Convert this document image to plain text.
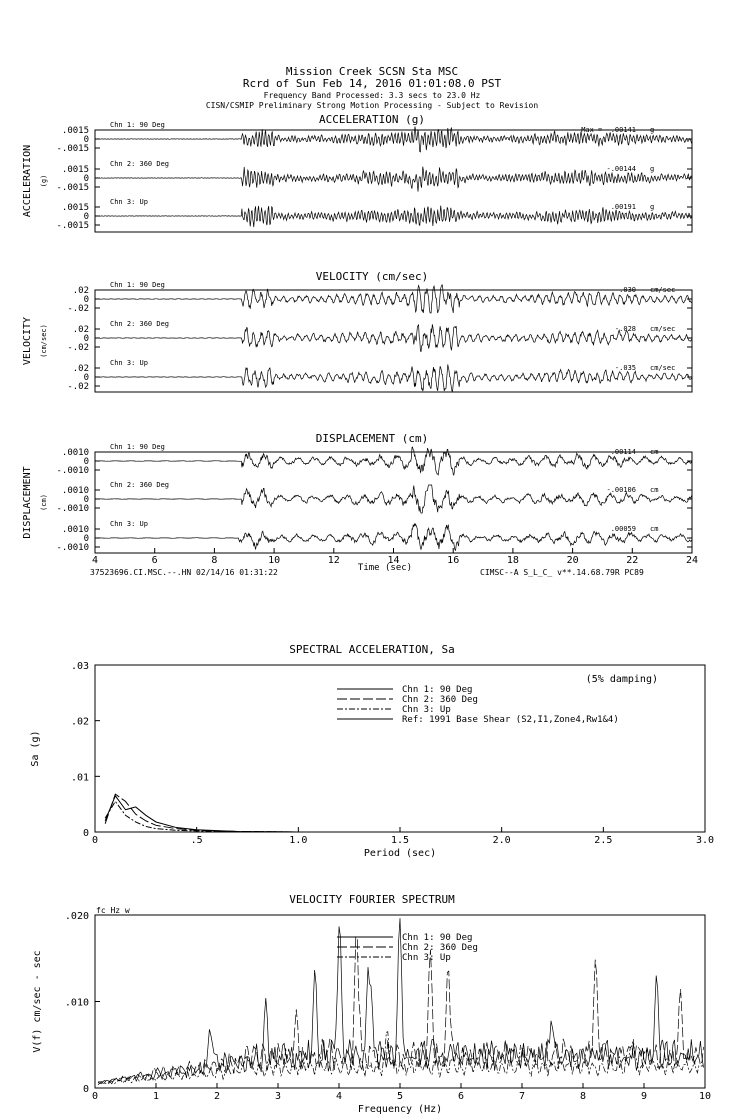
Mission Creek SCSN Sta MSC
Rcrd of Sun Feb 14, 2016 01:01:08.0 PST
Frequency Band Processed: 3.3 secs to 23.0 Hz
CISN/CSMIP Preliminary Strong Motion Processing - Subject to Revision
37523696.CI.MSC.--.HN 02/14/16 01:31:22	CIMSC--A S_L_C_ v**.14.68.79R PC89
ACCELERATION (g)
ACCELERATION (g)
.0015
0
-.0015
Chn 1: 90 Deg
Max = -.00141 g
.0015
0
-.0015
Chn 2: 360 Deg
-.00144 g
.0015
0
-.0015
Chn 3: Up
.00191 g
VELOCITY (cm/sec)
VELOCITY (cm/sec)
.02
0
-.02
Chn 1: 90 Deg
.030 cm/sec
.02
0
-.02
Chn 2: 360 Deg
-.028 cm/sec
.02
0
-.02
Chn 3: Up
-.035 cm/sec
DISPLACEMENT (cm)
DISPLACEMENT (cm)
.0010
0
-.0010
Chn 1: 90 Deg
-.00114 cm
.0010
0
-.0010
Chn 2: 360 Deg
-.00106 cm
.0010
0
-.0010
Chn 3: Up
.00059 cm
4	6	8	10	12	14	16	18	20	22	24
Time (sec)
SPECTRAL ACCELERATION, Sa
0	.5	1.0	1.5	2.0	2.5	3.0
.03
.02
.01
0
Period (sec)
Sa (g)
(5% damping)
Chn 1: 90 Deg
Chn 2: 360 Deg
Chn 3: Up
Ref: 1991 Base Shear (S2,I1,Zone4,Rw1&4)
VELOCITY FOURIER SPECTRUM
0	1	2	3	4	5	6	7	8	9	10
.020
.010
0
Frequency (Hz)
V(f) cm/sec - sec
fc Hz w
Chn 1: 90 Deg
Chn 2: 360 Deg
Chn 3: Up
